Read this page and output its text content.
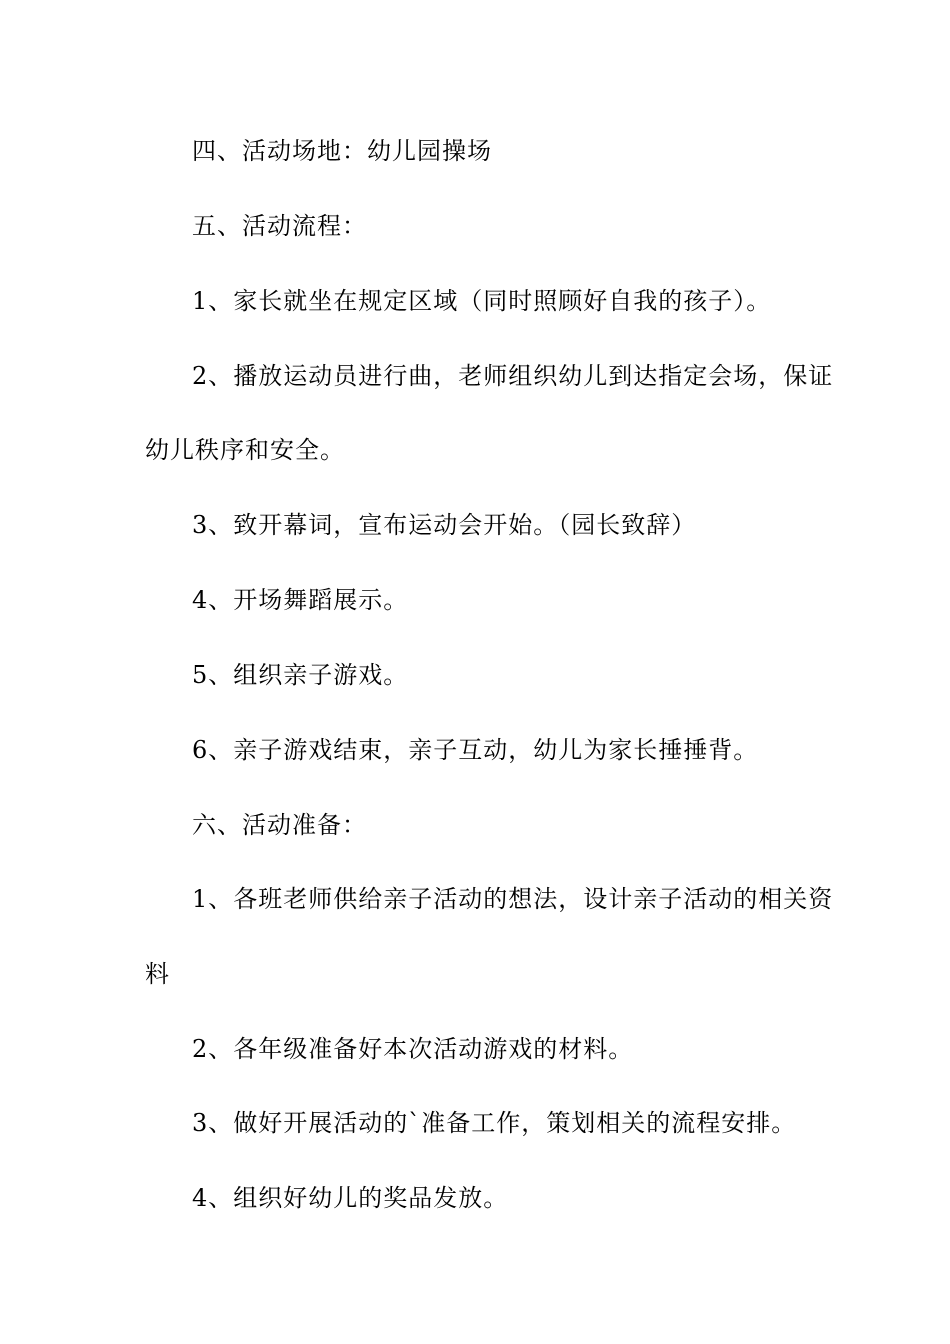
四、活动场地：幼儿园操场
五、活动流程：
1、家长就坐在规定区域（同时照顾好自我的孩子）。
2、播放运动员进行曲，老师组织幼儿到达指定会场，保证
幼儿秩序和安全。
3、致开幕词，宣布运动会开始。（园长致辞）
4、开场舞蹈展示。
5、组织亲子游戏。
6、亲子游戏结束，亲子互动，幼儿为家长捶捶背。
六、活动准备：
1、各班老师供给亲子活动的想法，设计亲子活动的相关资
料
2、各年级准备好本次活动游戏的材料。
3、做好开展活动的`准备工作，策划相关的流程安排。
4、组织好幼儿的奖品发放。
